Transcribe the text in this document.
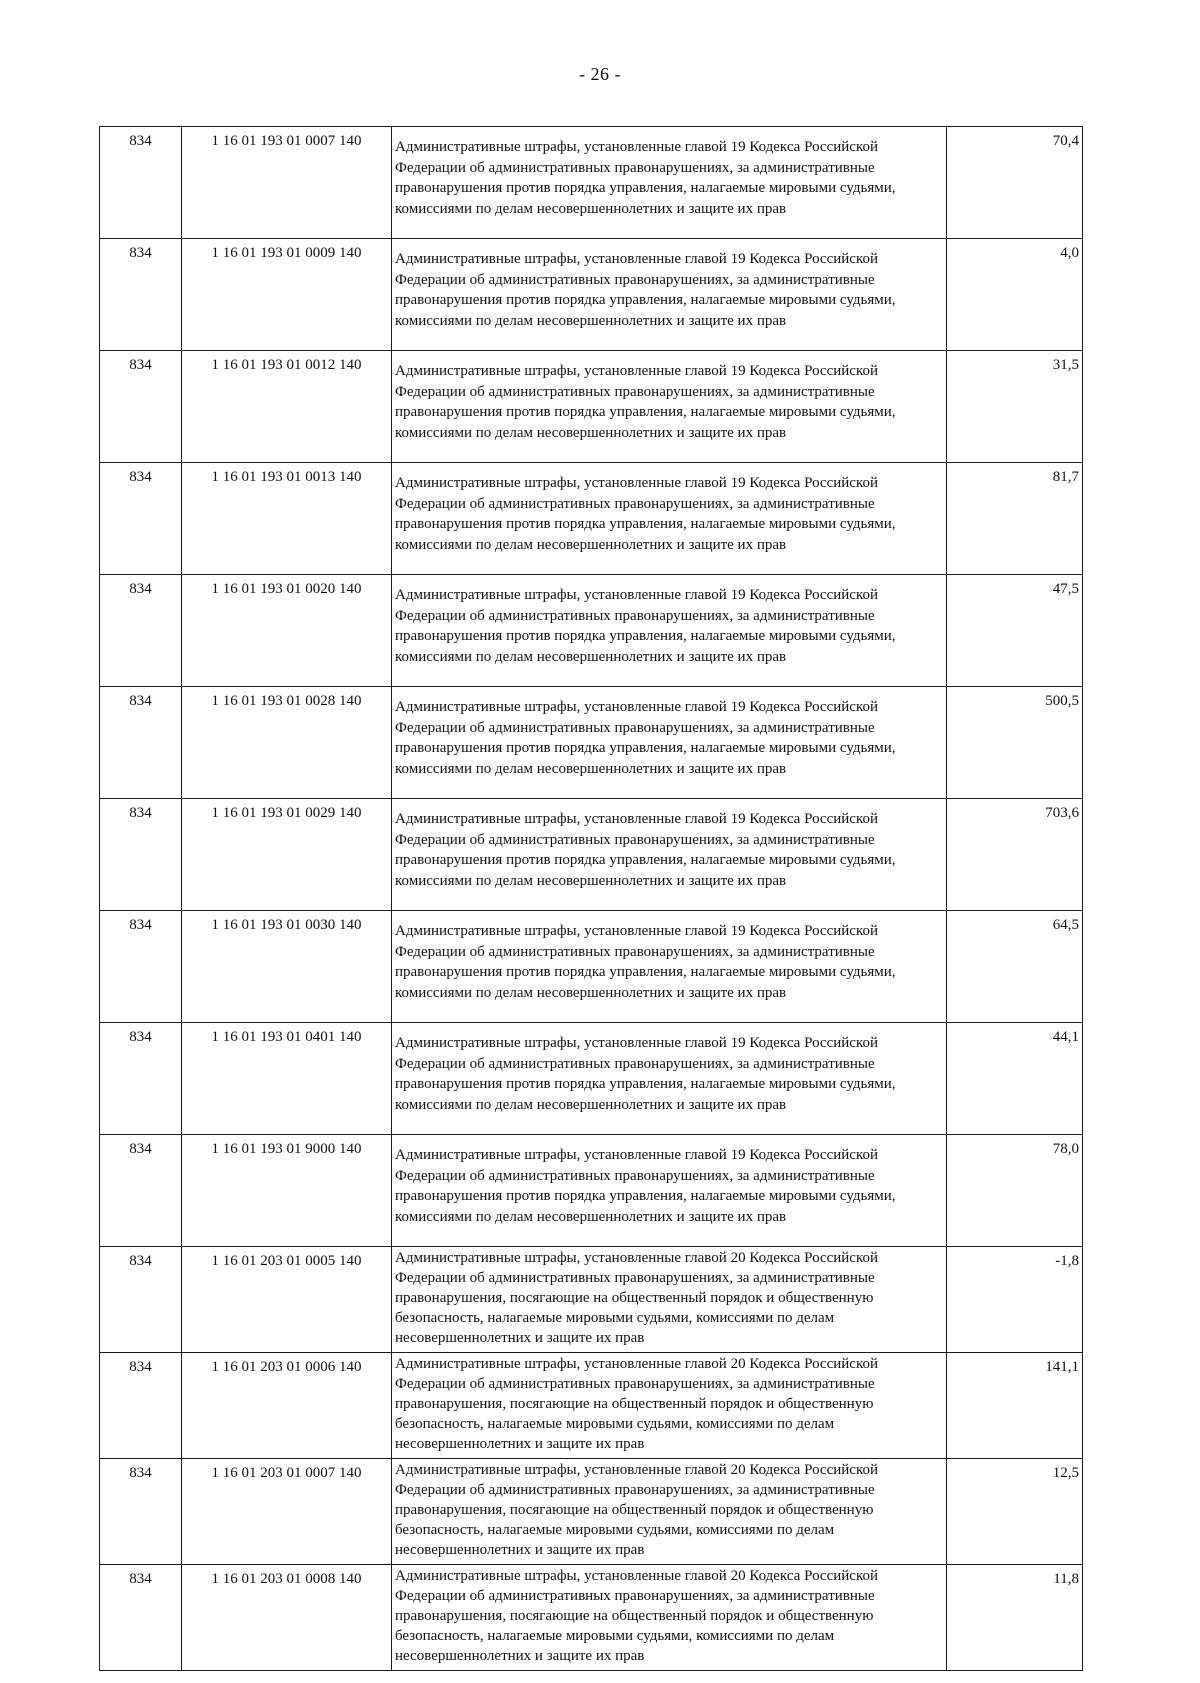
- 26 -
834	1 16 01 193 01 0007 140	Административные штрафы, установленные главой 19 Кодекса Российской Федерации об административных правонарушениях, за административные правонарушения против порядка управления, налагаемые мировыми судьями, комиссиями по делам несовершеннолетних и защите их прав	70,4
834	1 16 01 193 01 0009 140	Административные штрафы, установленные главой 19 Кодекса Российской Федерации об административных правонарушениях, за административные правонарушения против порядка управления, налагаемые мировыми судьями, комиссиями по делам несовершеннолетних и защите их прав	4,0
834	1 16 01 193 01 0012 140	Административные штрафы, установленные главой 19 Кодекса Российской Федерации об административных правонарушениях, за административные правонарушения против порядка управления, налагаемые мировыми судьями, комиссиями по делам несовершеннолетних и защите их прав	31,5
834	1 16 01 193 01 0013 140	Административные штрафы, установленные главой 19 Кодекса Российской Федерации об административных правонарушениях, за административные правонарушения против порядка управления, налагаемые мировыми судьями, комиссиями по делам несовершеннолетних и защите их прав	81,7
834	1 16 01 193 01 0020 140	Административные штрафы, установленные главой 19 Кодекса Российской Федерации об административных правонарушениях, за административные правонарушения против порядка управления, налагаемые мировыми судьями, комиссиями по делам несовершеннолетних и защите их прав	47,5
834	1 16 01 193 01 0028 140	Административные штрафы, установленные главой 19 Кодекса Российской Федерации об административных правонарушениях, за административные правонарушения против порядка управления, налагаемые мировыми судьями, комиссиями по делам несовершеннолетних и защите их прав	500,5
834	1 16 01 193 01 0029 140	Административные штрафы, установленные главой 19 Кодекса Российской Федерации об административных правонарушениях, за административные правонарушения против порядка управления, налагаемые мировыми судьями, комиссиями по делам несовершеннолетних и защите их прав	703,6
834	1 16 01 193 01 0030 140	Административные штрафы, установленные главой 19 Кодекса Российской Федерации об административных правонарушениях, за административные правонарушения против порядка управления, налагаемые мировыми судьями, комиссиями по делам несовершеннолетних и защите их прав	64,5
834	1 16 01 193 01 0401 140	Административные штрафы, установленные главой 19 Кодекса Российской Федерации об административных правонарушениях, за административные правонарушения против порядка управления, налагаемые мировыми судьями, комиссиями по делам несовершеннолетних и защите их прав	44,1
834	1 16 01 193 01 9000 140	Административные штрафы, установленные главой 19 Кодекса Российской Федерации об административных правонарушениях, за административные правонарушения против порядка управления, налагаемые мировыми судьями, комиссиями по делам несовершеннолетних и защите их прав	78,0
834	1 16 01 203 01 0005 140	Административные штрафы, установленные главой 20 Кодекса Российской Федерации об административных правонарушениях, за административные правонарушения, посягающие на общественный порядок и общественную безопасность, налагаемые мировыми судьями, комиссиями по делам несовершеннолетних и защите их прав	-1,8
834	1 16 01 203 01 0006 140	Административные штрафы, установленные главой 20 Кодекса Российской Федерации об административных правонарушениях, за административные правонарушения, посягающие на общественный порядок и общественную безопасность, налагаемые мировыми судьями, комиссиями по делам несовершеннолетних и защите их прав	141,1
834	1 16 01 203 01 0007 140	Административные штрафы, установленные главой 20 Кодекса Российской Федерации об административных правонарушениях, за административные правонарушения, посягающие на общественный порядок и общественную безопасность, налагаемые мировыми судьями, комиссиями по делам несовершеннолетних и защите их прав	12,5
834	1 16 01 203 01 0008 140	Административные штрафы, установленные главой 20 Кодекса Российской Федерации об административных правонарушениях, за административные правонарушения, посягающие на общественный порядок и общественную безопасность, налагаемые мировыми судьями, комиссиями по делам несовершеннолетних и защите их прав	11,8
